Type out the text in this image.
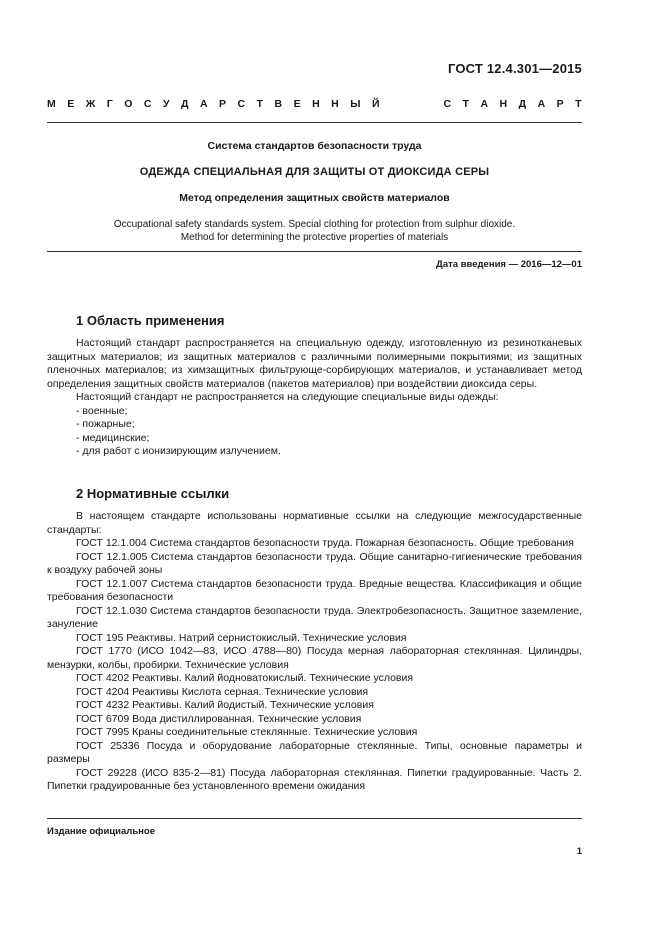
ГОСТ 12.4.301—2015
М Е Ж Г О С У Д А Р С Т В Е Н Н Ы Й	С Т А Н Д А Р Т
Система стандартов безопасности труда
ОДЕЖДА СПЕЦИАЛЬНАЯ ДЛЯ ЗАЩИТЫ ОТ ДИОКСИДА СЕРЫ
Метод определения защитных свойств материалов
Occupational safety standards system. Special clothing for protection from sulphur dioxide.
Method for determining the protective properties of materials
Дата введения — 2016—12—01
1 Область применения

Настоящий стандарт распространяется на специальную одежду, изготовленную из резинотканевых защитных материалов; из защитных материалов с различными полимерными покрытиями; из защитных пленочных материалов; из химзащитных фильтрующе-сорбирующих материалов, и устанавливает метод определения защитных свойств материалов (пакетов материалов) при воздействии диоксида серы.

Настоящий стандарт не распространяется на следующие специальные виды одежды:

- военные;

- пожарные;

- медицинские;

- для работ с ионизирующим излучением.

2 Нормативные ссылки

В настоящем стандарте использованы нормативные ссылки на следующие межгосударственные стандарты:

ГОСТ 12.1.004 Система стандартов безопасности труда. Пожарная безопасность. Общие требования

ГОСТ 12.1.005 Система стандартов безопасности труда. Общие санитарно-гигиенические требования к воздуху рабочей зоны

ГОСТ 12.1.007 Система стандартов безопасности труда. Вредные вещества. Классификация и общие требования безопасности

ГОСТ 12.1.030 Система стандартов безопасности труда. Электробезопасность. Защитное заземление, зануление

ГОСТ 195 Реактивы. Натрий сернистокислый. Технические условия

ГОСТ 1770 (ИСО 1042—83, ИСО 4788—80) Посуда мерная лабораторная стеклянная. Цилиндры, мензурки, колбы, пробирки. Технические условия

ГОСТ 4202 Реактивы. Калий йодноватокислый. Технические условия

ГОСТ 4204 Реактивы Кислота серная. Технические условия

ГОСТ 4232 Реактивы. Калий йодистый. Технические условия

ГОСТ 6709 Вода дистиллированная. Технические условия

ГОСТ 7995 Краны соединительные стеклянные. Технические условия

ГОСТ 25336 Посуда и оборудование лабораторные стеклянные. Типы, основные параметры и размеры

ГОСТ 29228 (ИСО 835-2—81) Посуда лабораторная стеклянная. Пипетки градуированные. Часть 2. Пипетки градуированные без установленного времени ожидания

Издание официальное
1
